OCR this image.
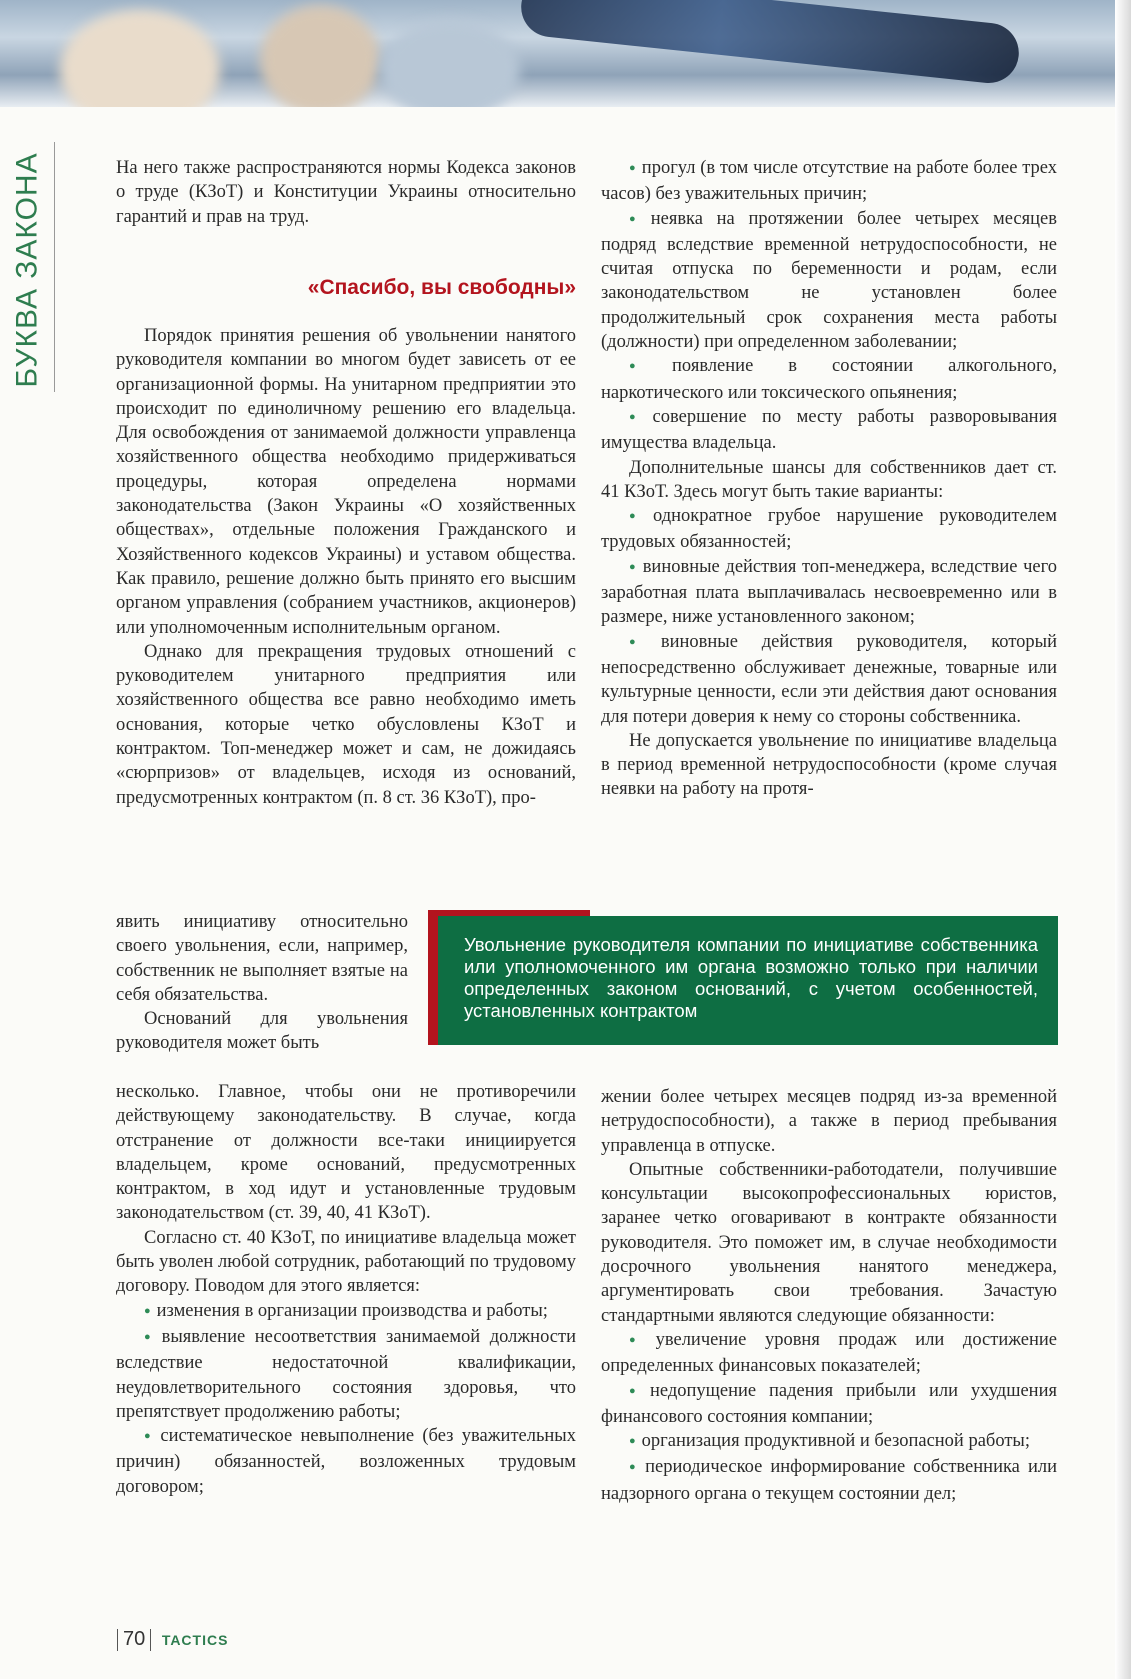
БУКВА ЗАКОНА	На него также распространяются нормы Кодекса законов о труде (КЗоТ) и Конституции Украины относительно гарантий и прав на труд.

«Спасибо, вы свободны»

Порядок принятия решения об увольнении нанятого руководителя компании во многом будет зависеть от ее организационной формы. На унитарном предприятии это происходит по единоличному решению его владельца. Для освобождения от занимаемой должности управленца хозяйственного общества необходимо придерживаться процедуры, которая определена нормами законодательства (Закон Украины «О хозяйственных обществах», отдельные положения Гражданского и Хозяйственного кодексов Украины) и уставом общества. Как правило, решение должно быть принято его высшим органом управления (собранием участников, акционеров) или уполномоченным исполнительным органом.

Однако для прекращения трудовых отношений с руководителем унитарного предприятия или хозяйственного общества все равно необходимо иметь основания, которые четко обусловлены КЗоТ и контрактом. Топ-менеджер может и сам, не дожидаясь «сюрпризов» от владельцев, исходя из оснований, предусмотренных контрактом (п. 8 ст. 36 КЗоТ), про-

явить инициативу относительно своего увольнения, если, например, собственник не выполняет взятые на себя обязательства.

Оснований для увольнения руководителя может быть

несколько. Главное, чтобы они не противоречили действующему законодательству. В случае, когда отстранение от должности все-таки инициируется владельцем, кроме оснований, предусмотренных контрактом, в ход идут и установленные трудовым законодательством (ст. 39, 40, 41 КЗоТ).

Согласно ст. 40 КЗоТ, по инициативе владельца может быть уволен любой сотрудник, работающий по трудовому договору. Поводом для этого является:

● изменения в организации производства и работы;

● выявление несоответствия занимаемой должности вследствие недостаточной квалификации, неудовлетворительного состояния здоровья, что препятствует продолжению работы;

● систематическое невыполнение (без уважительных причин) обязанностей, возложенных трудовым договором;

● прогул (в том числе отсутствие на работе более трех часов) без уважительных причин;

● неявка на протяжении более четырех месяцев подряд вследствие временной нетрудоспособности, не считая отпуска по беременности и родам, если законодательством не установлен более продолжительный срок сохранения места работы (должности) при определенном заболевании;

● появление в состоянии алкогольного, наркотического или токсического опьянения;

● совершение по месту работы разворовывания имущества владельца.

Дополнительные шансы для собственников дает ст. 41 КЗоТ. Здесь могут быть такие варианты:

● однократное грубое нарушение руководителем трудовых обязанностей;

● виновные действия топ-менеджера, вследствие чего заработная плата выплачивалась несвоевременно или в размере, ниже установленного законом;

● виновные действия руководителя, который непосредственно обслуживает денежные, товарные или культурные ценности, если эти действия дают основания для потери доверия к нему со стороны собственника.

Не допускается увольнение по инициативе владельца в период временной нетрудоспособности (кроме случая неявки на работу на протя-

Увольнение руководителя компании по инициативе собственника или уполномоченного им органа возможно только при наличии определенных законом оснований, с учетом особенностей, установленных контрактом

жении более четырех месяцев подряд из-за временной нетрудоспособности), а также в период пребывания управленца в отпуске.

Опытные собственники-работодатели, получившие консультации высокопрофессиональных юристов, заранее четко оговаривают в контракте обязанности руководителя. Это поможет им, в случае необходимости досрочного увольнения нанятого менеджера, аргументировать свои требования. Зачастую стандартными являются следующие обязанности:

● увеличение уровня продаж или достижение определенных финансовых показателей;

● недопущение падения прибыли или ухудшения финансового состояния компании;

● организация продуктивной и безопасной работы;

● периодическое информирование собственника или надзорного органа о текущем состоянии дел;

70 TACTICS
